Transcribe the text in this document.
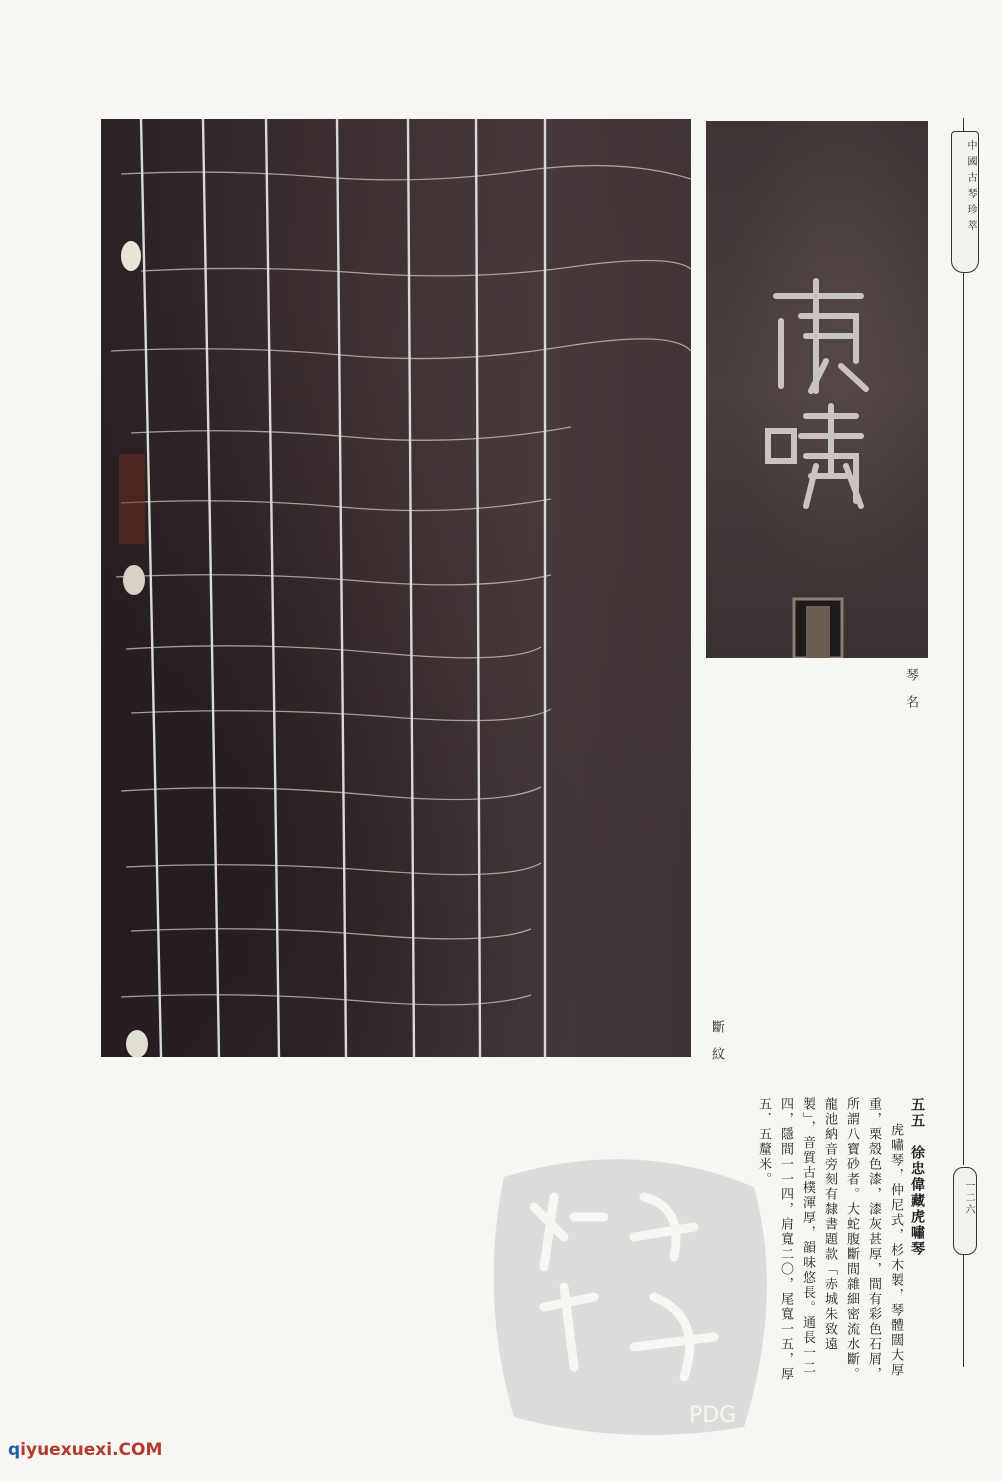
琴名
斷紋
中國古琴珍萃
一二六

五五　徐忠偉藏虎嘯琴

虎嘯琴，仲尼式，杉木製，琴體闊大厚重，栗殼色漆，漆灰甚厚，間有彩色石屑，所謂八寶砂者。大蛇腹斷間雜細密流水斷。龍池納音旁刻有隸書題款「赤城朱致遠製」，音質古樸渾厚，韻味悠長。通長一二四，隱間一一四，肩寬二〇，尾寬一五，厚五．五釐米。

PDG
qiyuexuexi.COM
